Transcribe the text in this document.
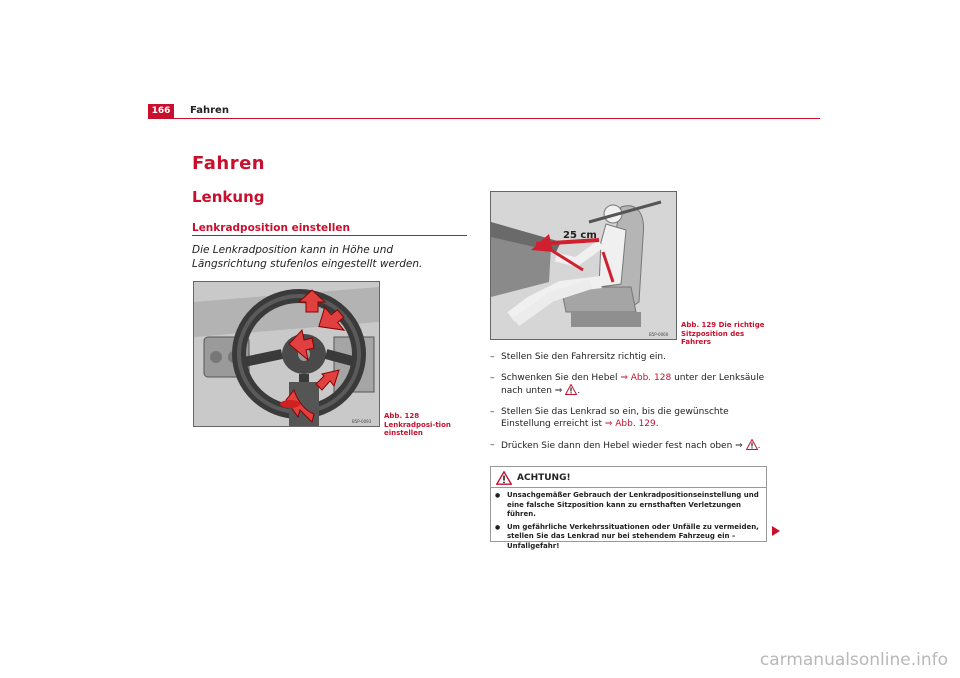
166	Fahren
Fahren
Lenkung
Lenkradposition einstellen
Die Lenkradposition kann in Höhe und Längsrichtung stufenlos eingestellt werden.
B5P-0093
Abb. 128 Lenkradposi-tion einstellen
25 cm
B5P-0060
Abb. 129 Die richtige Sitzposition des Fahrers
– Stellen Sie den Fahrersitz richtig ein.
– Schwenken Sie den Hebel ⇒ Abb. 128 unter der Lenksäule nach unten ⇒ .
– Stellen Sie das Lenkrad so ein, bis die gewünschte Einstellung erreicht ist ⇒ Abb. 129.
– Drücken Sie dann den Hebel wieder fest nach oben ⇒ .
ACHTUNG!
● Unsachgemäßer Gebrauch der Lenkradpositionseinstellung und eine falsche Sitzposition kann zu ernsthaften Verletzungen führen.
● Um gefährliche Verkehrssituationen oder Unfälle zu vermeiden, stellen Sie das Lenkrad nur bei stehendem Fahrzeug ein – Unfallgefahr!
carmanualsonline.info
